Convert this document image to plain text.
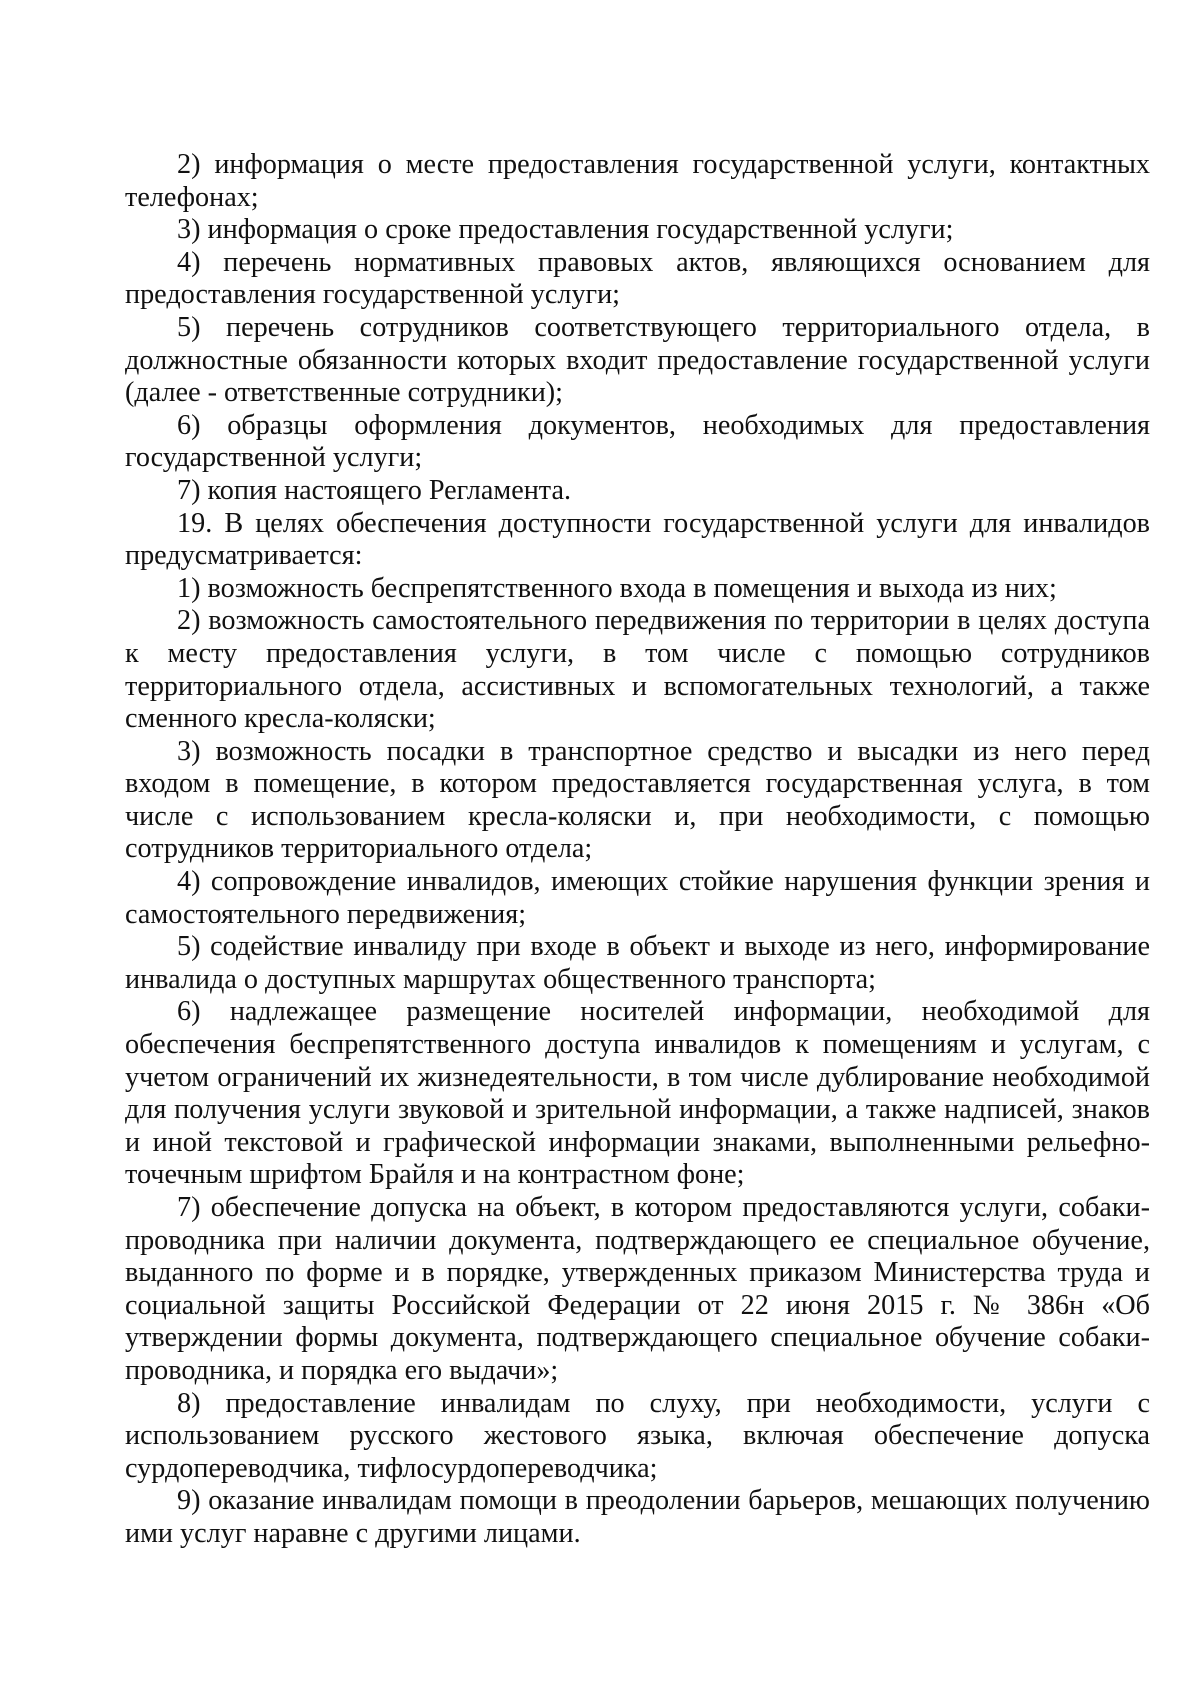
2) информация о месте предоставления государственной услуги, контактных телефонах;

3) информация о сроке предоставления государственной услуги;

4) перечень нормативных правовых актов, являющихся основанием для предоставления государственной услуги;

5) перечень сотрудников соответствующего территориального отдела, в должностные обязанности которых входит предоставление государственной услуги (далее - ответственные сотрудники);

6) образцы оформления документов, необходимых для предоставления государственной услуги;

7) копия настоящего Регламента.

19. В целях обеспечения доступности государственной услуги для инвалидов предусматривается:

1) возможность беспрепятственного входа в помещения и выхода из них;

2) возможность самостоятельного передвижения по территории в целях доступа к месту предоставления услуги, в том числе с помощью сотрудников территориального отдела, ассистивных и вспомогательных технологий, а также сменного кресла-коляски;

3) возможность посадки в транспортное средство и высадки из него перед входом в помещение, в котором предоставляется государственная услуга, в том числе с использованием кресла-коляски и, при необходимости, с помощью сотрудников территориального отдела;

4) сопровождение инвалидов, имеющих стойкие нарушения функции зрения и самостоятельного передвижения;

5) содействие инвалиду при входе в объект и выходе из него, информирование инвалида о доступных маршрутах общественного транспорта;

6) надлежащее размещение носителей информации, необходимой для обеспечения беспрепятственного доступа инвалидов к помещениям и услугам, с учетом ограничений их жизнедеятельности, в том числе дублирование необходимой для получения услуги звуковой и зрительной информации, а также надписей, знаков и иной текстовой и графической информации знаками, выполненными рельефно-точечным шрифтом Брайля и на контрастном фоне;

7) обеспечение допуска на объект, в котором предоставляются услуги, собаки-проводника при наличии документа, подтверждающего ее специальное обучение, выданного по форме и в порядке, утвержденных приказом Министерства труда и социальной защиты Российской Федерации от 22 июня 2015 г. № 386н «Об утверждении формы документа, подтверждающего специальное обучение собаки-проводника, и порядка его выдачи»;

8) предоставление инвалидам по слуху, при необходимости, услуги с использованием русского жестового языка, включая обеспечение допуска сурдопереводчика, тифлосурдопереводчика;

9) оказание инвалидам помощи в преодолении барьеров, мешающих получению ими услуг наравне с другими лицами.
